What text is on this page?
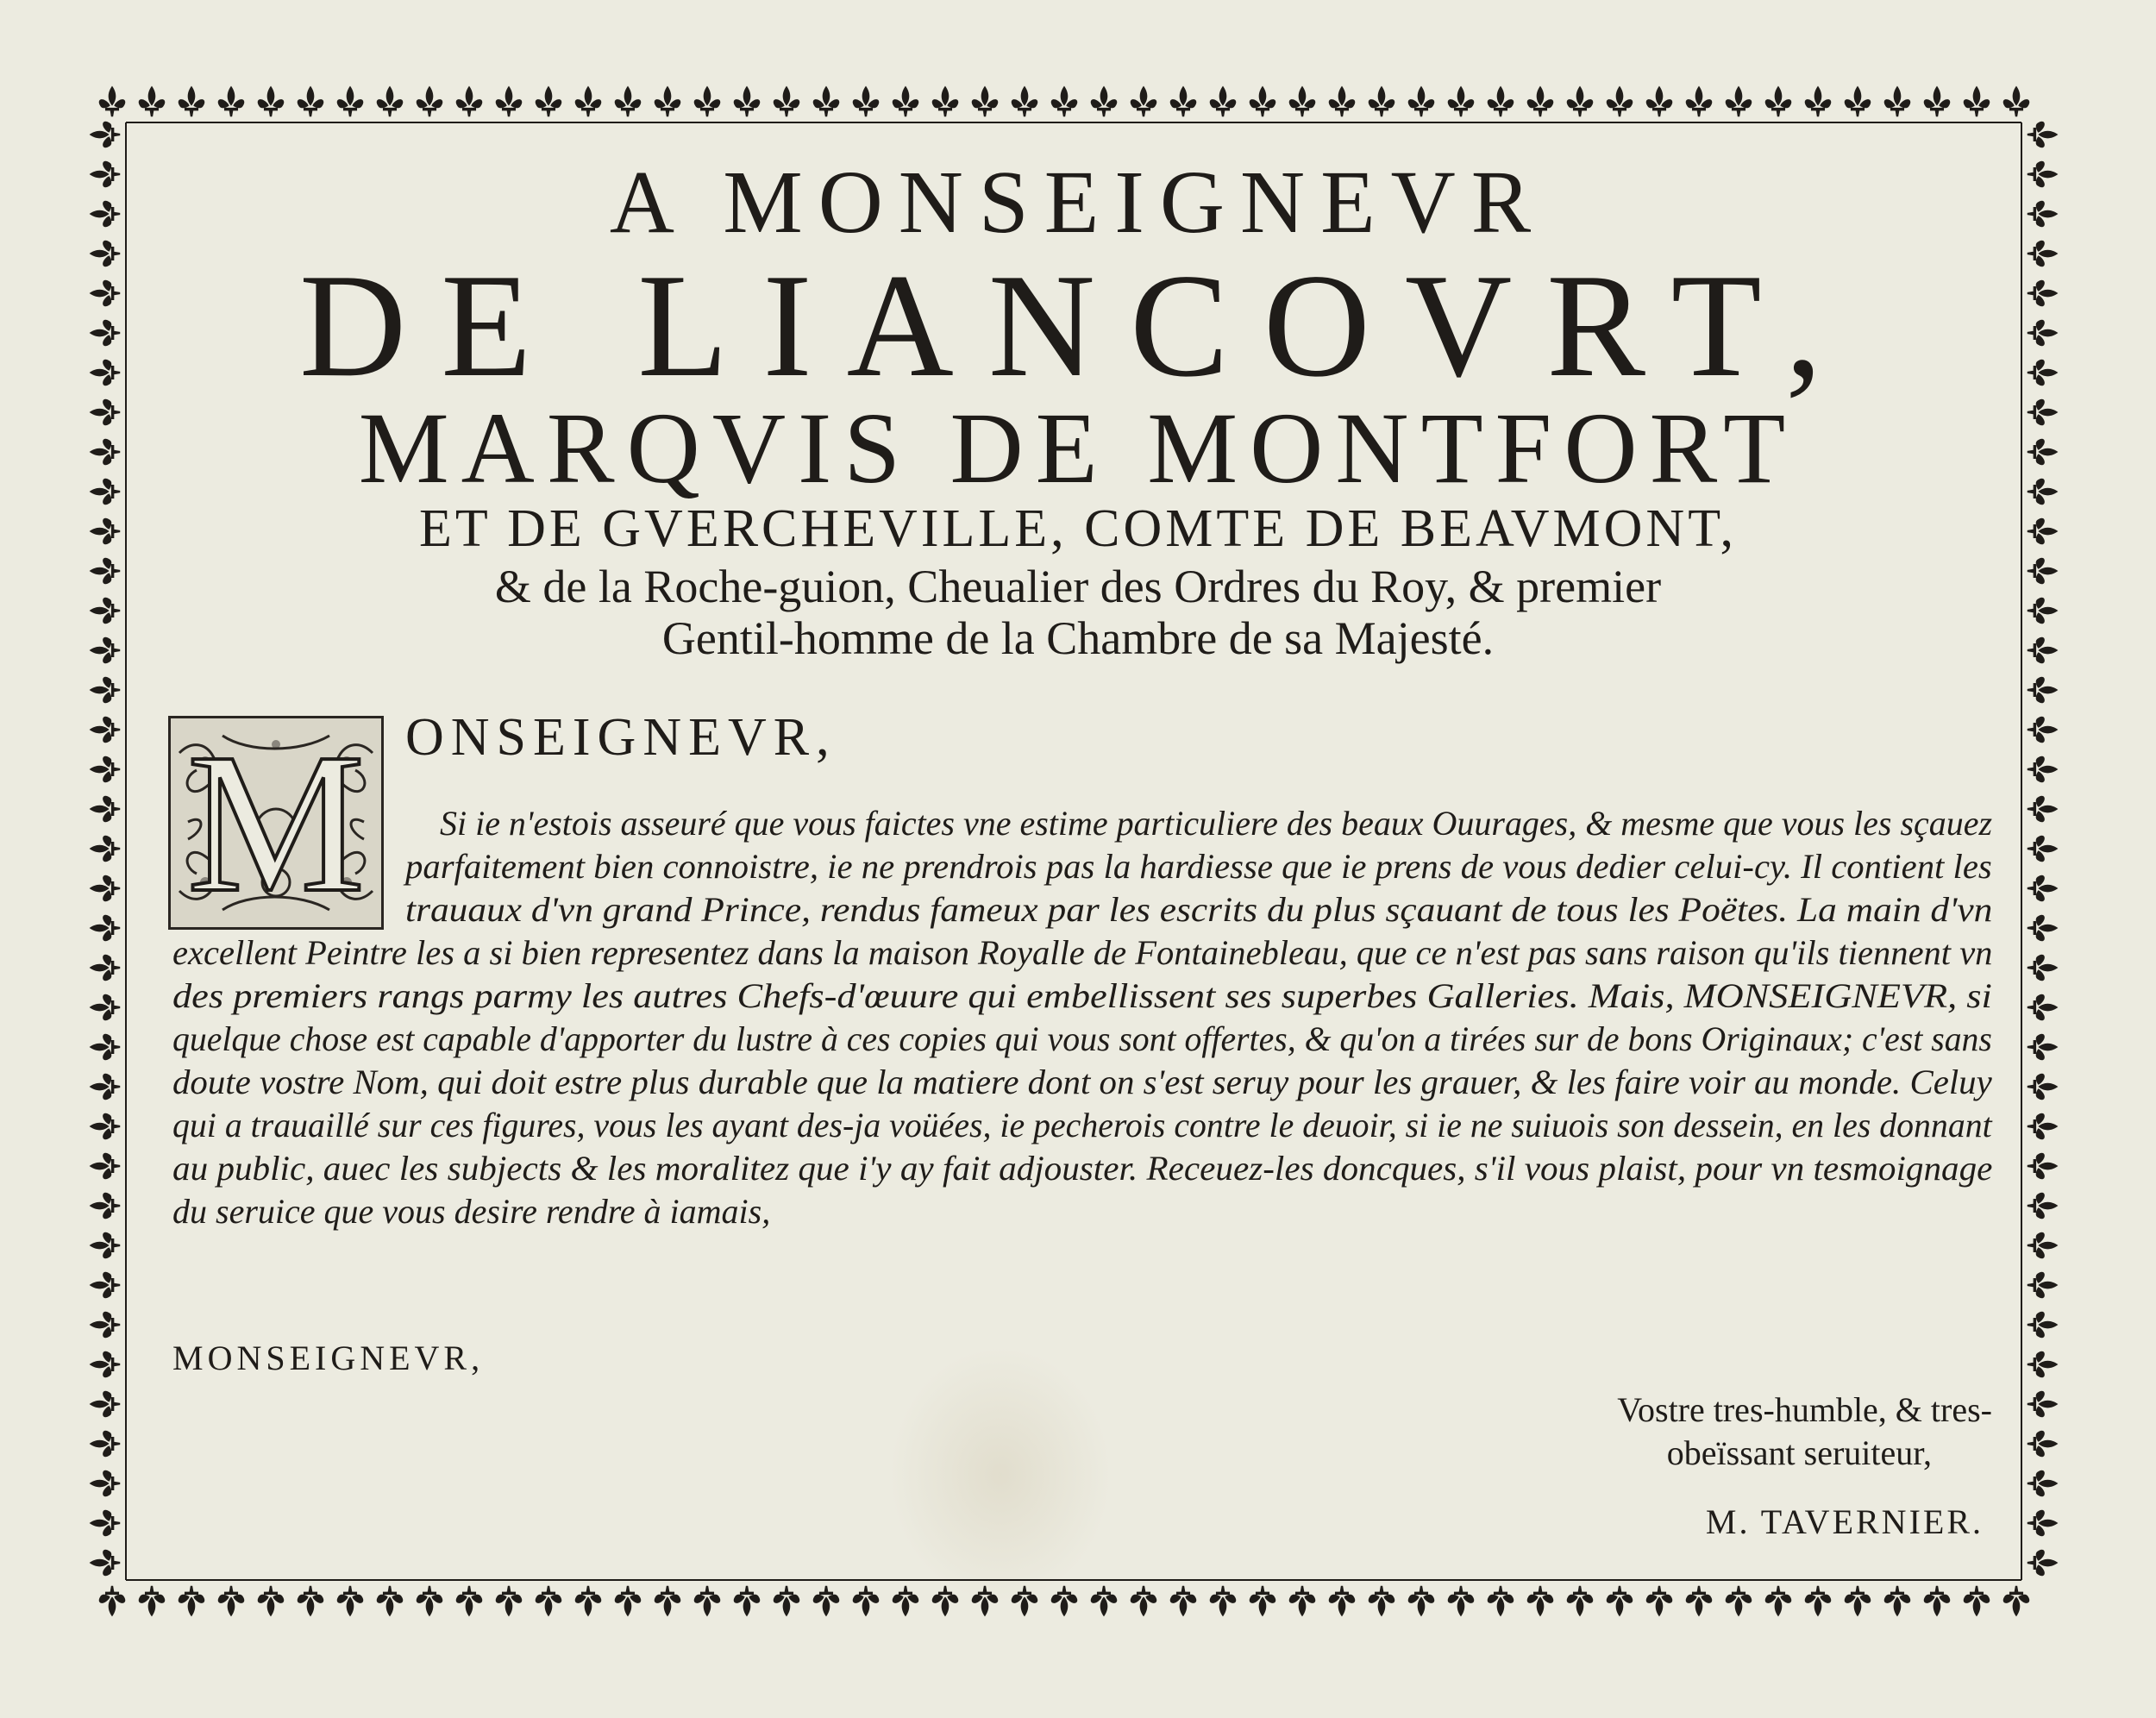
A MONSEIGNEVR
DE LIANCOVRT,
MARQVIS DE MONTFORT
ET DE GVERCHEVILLE, COMTE DE BEAVMONT,
& de la Roche-guion, Cheualier des Ordres du Roy, & premier
Gentil-homme de la Chambre de sa Majesté.
M ONSEIGNEVR,
Si ie n'estois asseuré que vous faictes vne estime particuliere des beaux Ouurages, & mesme que vous les sçauez
parfaitement bien connoistre, ie ne prendrois pas la hardiesse que ie prens de vous dedier celui-cy. Il contient les
trauaux d'vn grand Prince, rendus fameux par les escrits du plus sçauant de tous les Poëtes. La main d'vn
excellent Peintre les a si bien representez dans la maison Royalle de Fontainebleau, que ce n'est pas sans raison qu'ils tiennent vn
des premiers rangs parmy les autres Chefs-d'œuure qui embellissent ses superbes Galleries. Mais, MONSEIGNEVR, si
quelque chose est capable d'apporter du lustre à ces copies qui vous sont offertes, & qu'on a tirées sur de bons Originaux; c'est sans
doute vostre Nom, qui doit estre plus durable que la matiere dont on s'est seruy pour les grauer, & les faire voir au monde. Celuy
qui a trauaillé sur ces figures, vous les ayant des-ja voüées, ie pecherois contre le deuoir, si ie ne suiuois son dessein, en les donnant
au public, auec les subjects & les moralitez que i'y ay fait adjouster. Receuez-les doncques, s'il vous plaist, pour vn tesmoignage
du seruice que vous desire rendre à iamais,
MONSEIGNEVR,
Vostre tres-humble, & tres-
obeïssant seruiteur,
M. TAVERNIER.
